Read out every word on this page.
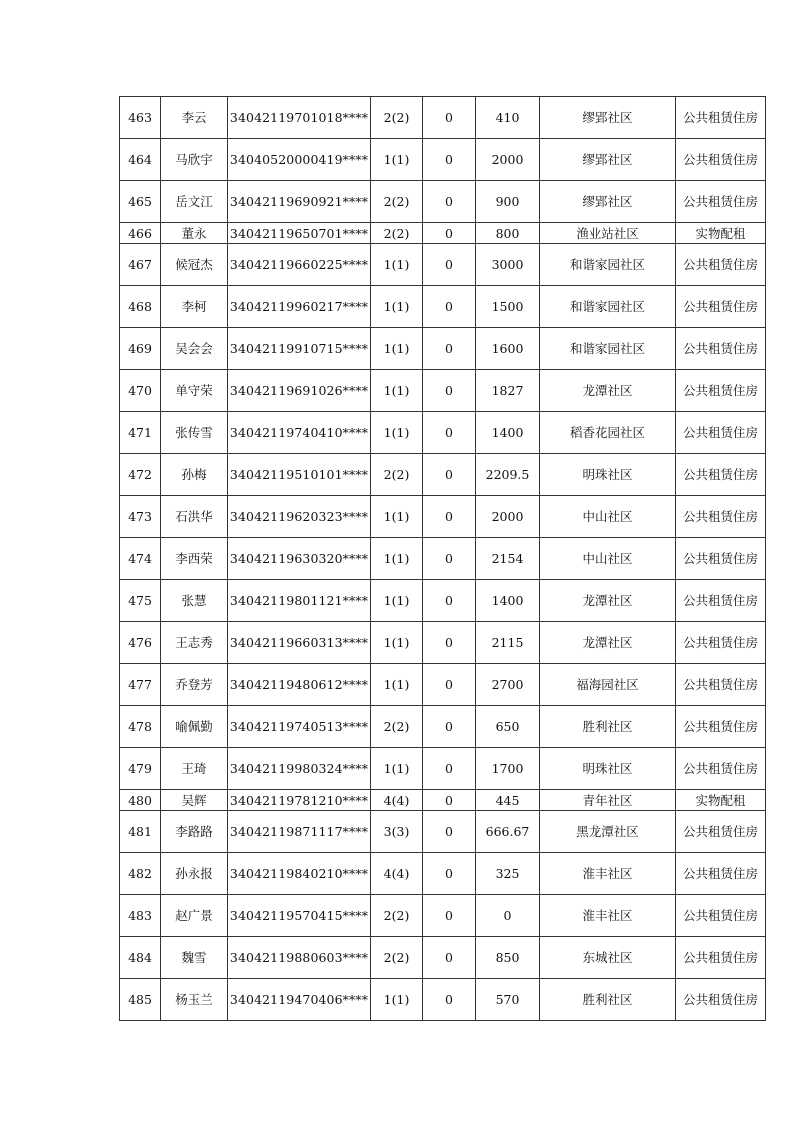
463	李云	34042119701018****	2(2)	0	410	缪郢社区	公共租赁住房
464	马欣宇	34040520000419****	1(1)	0	2000	缪郢社区	公共租赁住房
465	岳文江	34042119690921****	2(2)	0	900	缪郢社区	公共租赁住房
466	董永	34042119650701****	2(2)	0	800	渔业站社区	实物配租
467	候冠杰	34042119660225****	1(1)	0	3000	和谐家园社区	公共租赁住房
468	李柯	34042119960217****	1(1)	0	1500	和谐家园社区	公共租赁住房
469	吴会会	34042119910715****	1(1)	0	1600	和谐家园社区	公共租赁住房
470	单守荣	34042119691026****	1(1)	0	1827	龙潭社区	公共租赁住房
471	张传雪	34042119740410****	1(1)	0	1400	稻香花园社区	公共租赁住房
472	孙梅	34042119510101****	2(2)	0	2209.5	明珠社区	公共租赁住房
473	石洪华	34042119620323****	1(1)	0	2000	中山社区	公共租赁住房
474	李西荣	34042119630320****	1(1)	0	2154	中山社区	公共租赁住房
475	张慧	34042119801121****	1(1)	0	1400	龙潭社区	公共租赁住房
476	王志秀	34042119660313****	1(1)	0	2115	龙潭社区	公共租赁住房
477	乔登芳	34042119480612****	1(1)	0	2700	福海园社区	公共租赁住房
478	喻佩勤	34042119740513****	2(2)	0	650	胜利社区	公共租赁住房
479	王琦	34042119980324****	1(1)	0	1700	明珠社区	公共租赁住房
480	吴辉	34042119781210****	4(4)	0	445	青年社区	实物配租
481	李路路	34042119871117****	3(3)	0	666.67	黑龙潭社区	公共租赁住房
482	孙永报	34042119840210****	4(4)	0	325	淮丰社区	公共租赁住房
483	赵广景	34042119570415****	2(2)	0	0	淮丰社区	公共租赁住房
484	魏雪	34042119880603****	2(2)	0	850	东城社区	公共租赁住房
485	杨玉兰	34042119470406****	1(1)	0	570	胜利社区	公共租赁住房
